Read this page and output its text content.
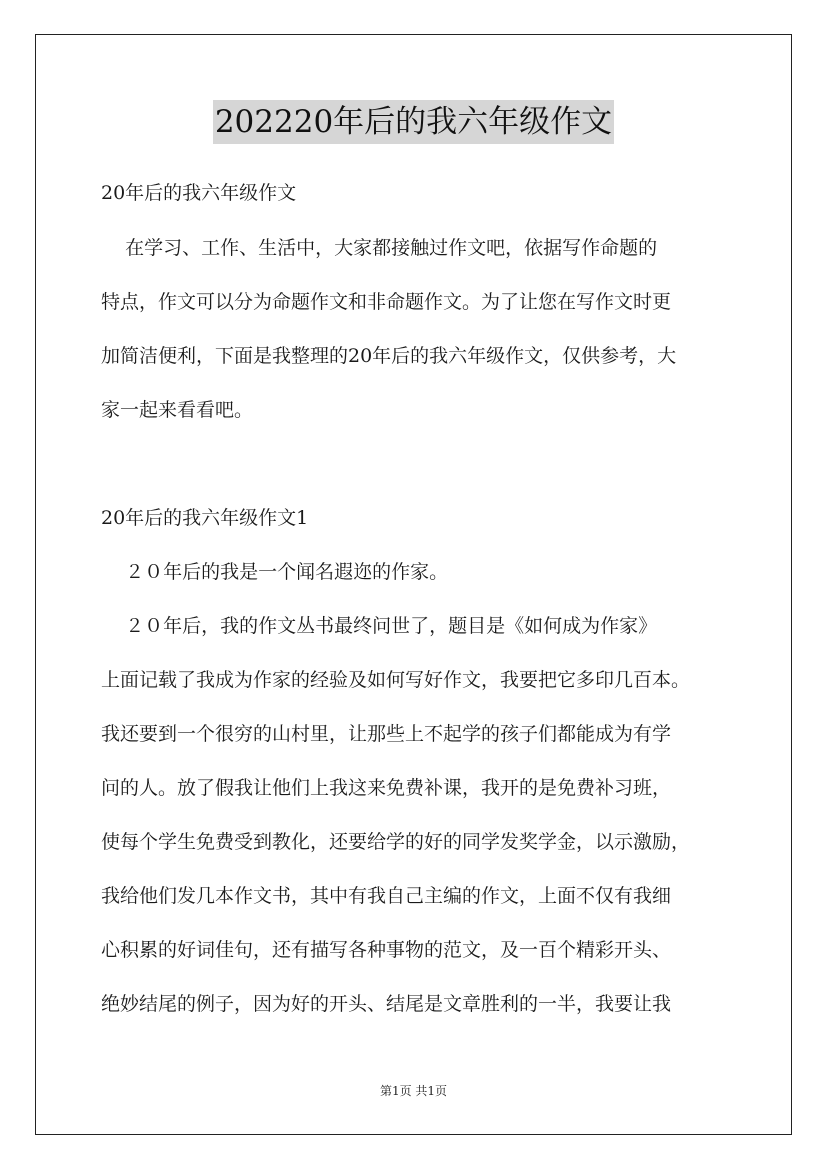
202220年后的我六年级作文
20年后的我六年级作文
在学习、工作、生活中，大家都接触过作文吧，依据写作命题的
特点，作文可以分为命题作文和非命题作文。为了让您在写作文时更
加简洁便利，下面是我整理的20年后的我六年级作文，仅供参考，大
家一起来看看吧。
20年后的我六年级作文1
２０年后的我是一个闻名遐迩的作家。
２０年后，我的作文丛书最终问世了，题目是《如何成为作家》
上面记载了我成为作家的经验及如何写好作文，我要把它多印几百本。
我还要到一个很穷的山村里，让那些上不起学的孩子们都能成为有学
问的人。放了假我让他们上我这来免费补课，我开的是免费补习班，
使每个学生免费受到教化，还要给学的好的同学发奖学金，以示激励，
我给他们发几本作文书，其中有我自己主编的作文，上面不仅有我细
心积累的好词佳句，还有描写各种事物的范文，及一百个精彩开头、
绝妙结尾的例子，因为好的开头、结尾是文章胜利的一半，我要让我
第1页 共1页
